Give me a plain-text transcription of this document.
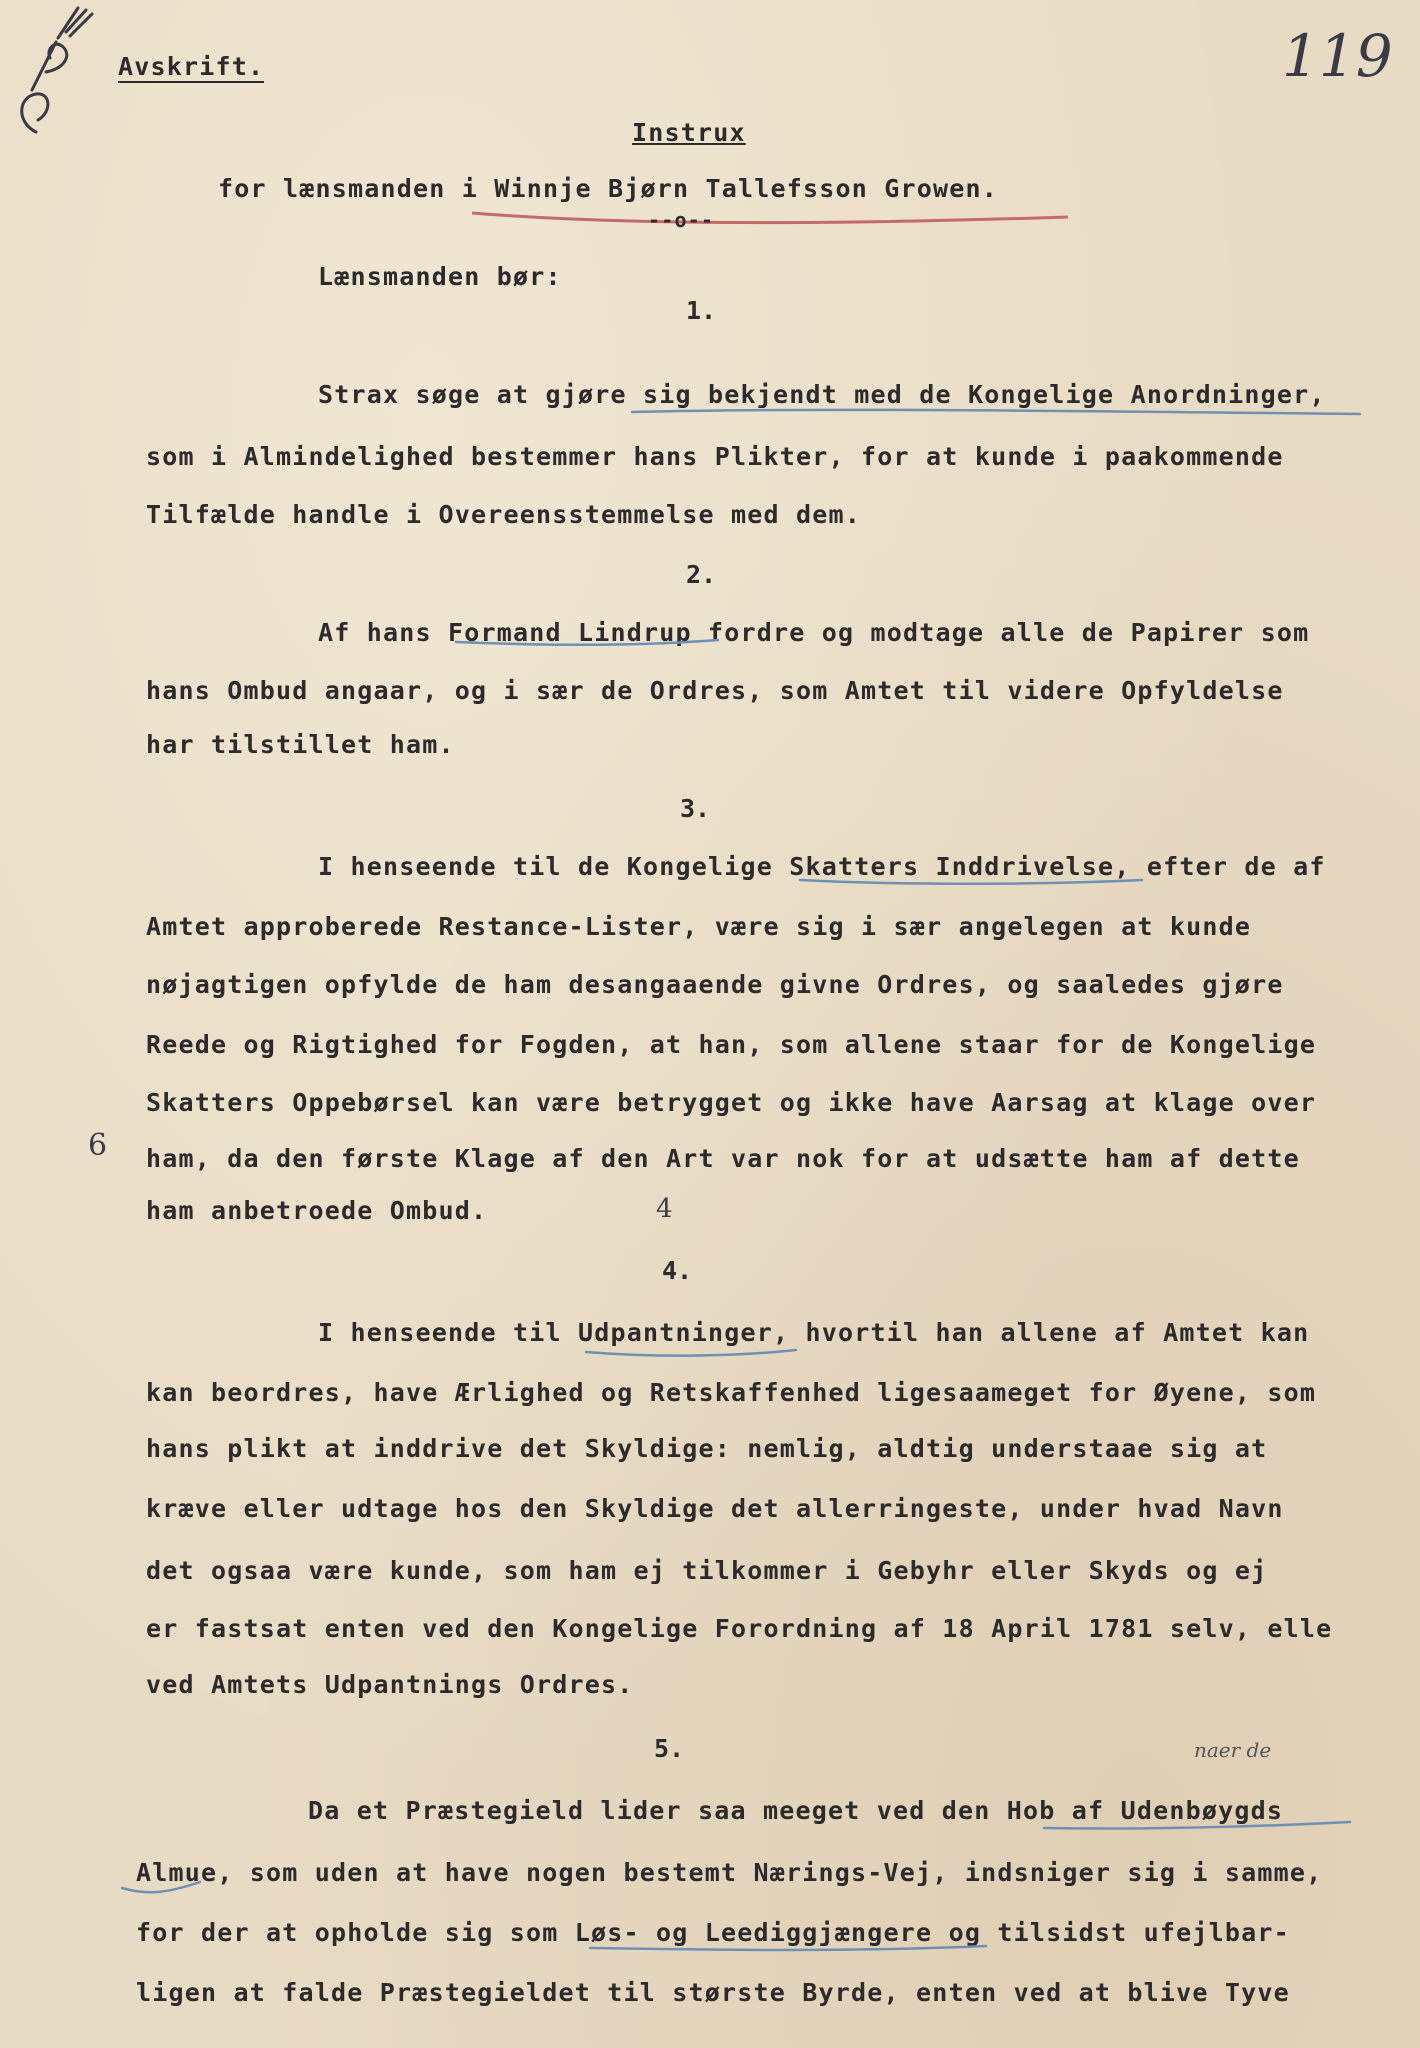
Avskrift.	119
Instrux
for lænsmanden i Winnje Bjørn Tallefsson Growen.
--o--
Lænsmanden bør:
1.
Strax søge at gjøre sig bekjendt med de Kongelige Anordninger,
som i Almindelighed bestemmer hans Plikter, for at kunde i paakommende
Tilfælde handle i Overeensstemmelse med dem.
2.
Af hans Formand Lindrup fordre og modtage alle de Papirer som
hans Ombud angaar, og i sær de Ordres, som Amtet til videre Opfyldelse
har tilstillet ham.
3.
I henseende til de Kongelige Skatters Inddrivelse, efter de af
Amtet approberede Restance-Lister, være sig i sær angelegen at kunde
nøjagtigen opfylde de ham desangaaende givne Ordres, og saaledes gjøre
Reede og Rigtighed for Fogden, at han, som allene staar for de Kongelige
Skatters Oppebørsel kan være betrygget og ikke have Aarsag at klage over
ham, da den første Klage af den Art var nok for at udsætte ham af dette
ham anbetroede Ombud.
6
4
4.
I henseende til Udpantninger, hvortil han allene af Amtet kan
kan beordres, have Ærlighed og Retskaffenhed ligesaameget for Øyene, som
hans plikt at inddrive det Skyldige: nemlig, aldtig understaae sig at
kræve eller udtage hos den Skyldige det allerringeste, under hvad Navn
det ogsaa være kunde, som ham ej tilkommer i Gebyhr eller Skyds og ej
er fastsat enten ved den Kongelige Forordning af 18 April 1781 selv, elle
ved Amtets Udpantnings Ordres.
5.
Da et Præstegield lider saa meeget ved den Hob af Udenbøygds
naer de
Almue, som uden at have nogen bestemt Nærings-Vej, indsniger sig i samme,
for der at opholde sig som Løs- og Leediggjængere og tilsidst ufejlbar-
ligen at falde Præstegieldet til største Byrde, enten ved at blive Tyve
